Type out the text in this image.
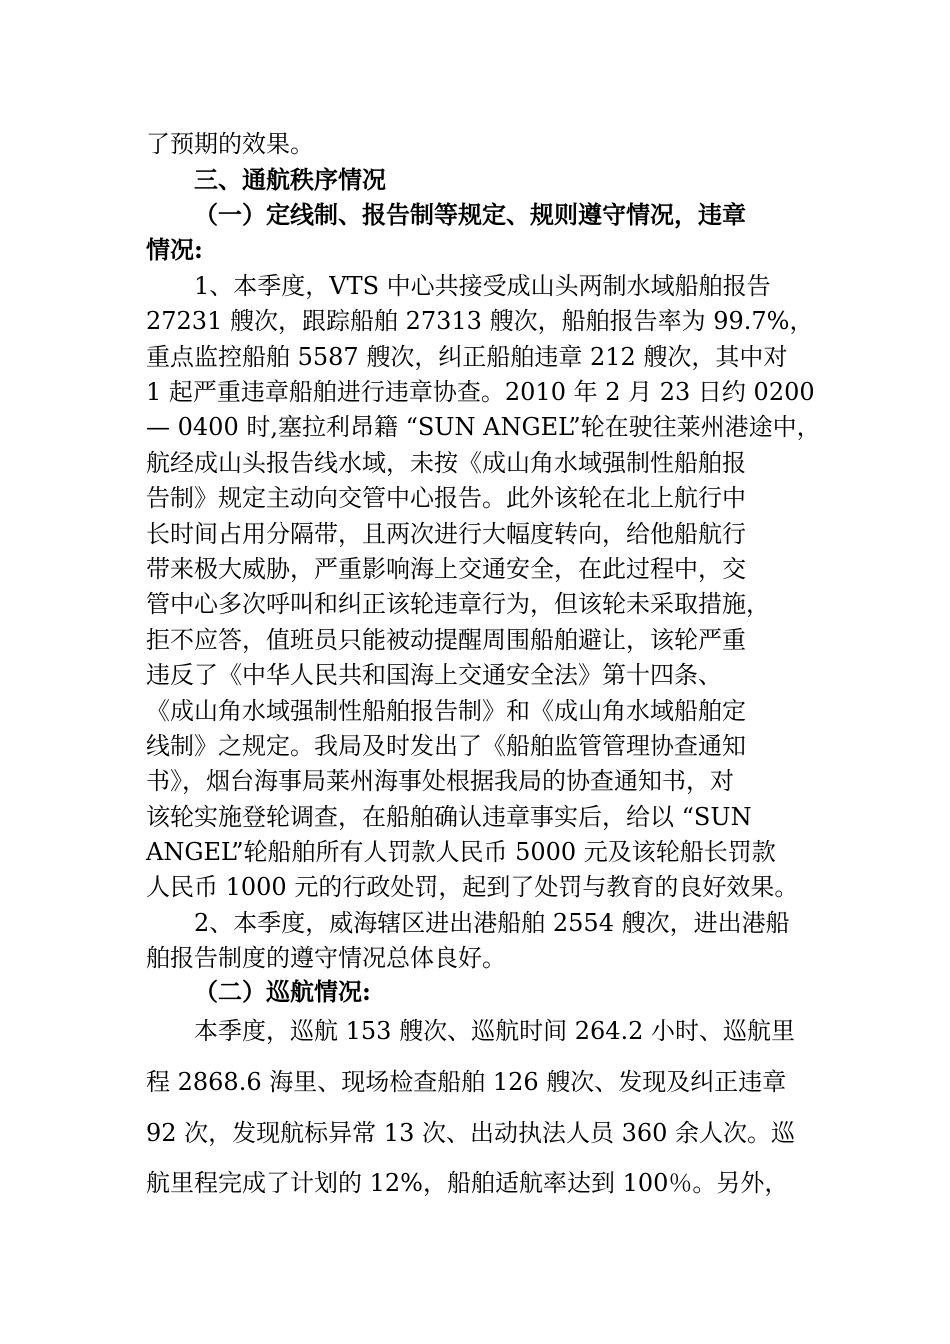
了预期的效果。
三、通航秩序情况
（一）定线制、报告制等规定、规则遵守情况，违章
情况:
1、本季度，VTS 中心共接受成山头两制水域船舶报告
27231 艘次，跟踪船舶 27313 艘次，船舶报告率为 99.7%，
重点监控船舶 5587 艘次，纠正船舶违章 212 艘次，其中对
1 起严重违章船舶进行违章协查。2010 年 2 月 23 日约 0200
— 0400 时,塞拉利昂籍 “SUN ANGEL”轮在驶往莱州港途中，
航经成山头报告线水域，未按《成山角水域强制性船舶报
告制》规定主动向交管中心报告。此外该轮在北上航行中
长时间占用分隔带，且两次进行大幅度转向，给他船航行
带来极大威胁，严重影响海上交通安全，在此过程中，交
管中心多次呼叫和纠正该轮违章行为，但该轮未采取措施，
拒不应答，值班员只能被动提醒周围船舶避让，该轮严重
违反了《中华人民共和国海上交通安全法》第十四条、
《成山角水域强制性船舶报告制》和《成山角水域船舶定
线制》之规定。我局及时发出了《船舶监管管理协查通知
书》，烟台海事局莱州海事处根据我局的协查通知书，对
该轮实施登轮调查，在船舶确认违章事实后，给以 “SUN
ANGEL”轮船舶所有人罚款人民币 5000 元及该轮船长罚款
人民币 1000 元的行政处罚，起到了处罚与教育的良好效果。
2、本季度，威海辖区进出港船舶 2554 艘次，进出港船
舶报告制度的遵守情况总体良好。
（二）巡航情况:
本季度，巡航 153 艘次、巡航时间 264.2 小时、巡航里
程 2868.6 海里、现场检查船舶 126 艘次、发现及纠正违章
92 次，发现航标异常 13 次、出动执法人员 360 余人次。巡
航里程完成了计划的 12%，船舶适航率达到 100％。另外，
